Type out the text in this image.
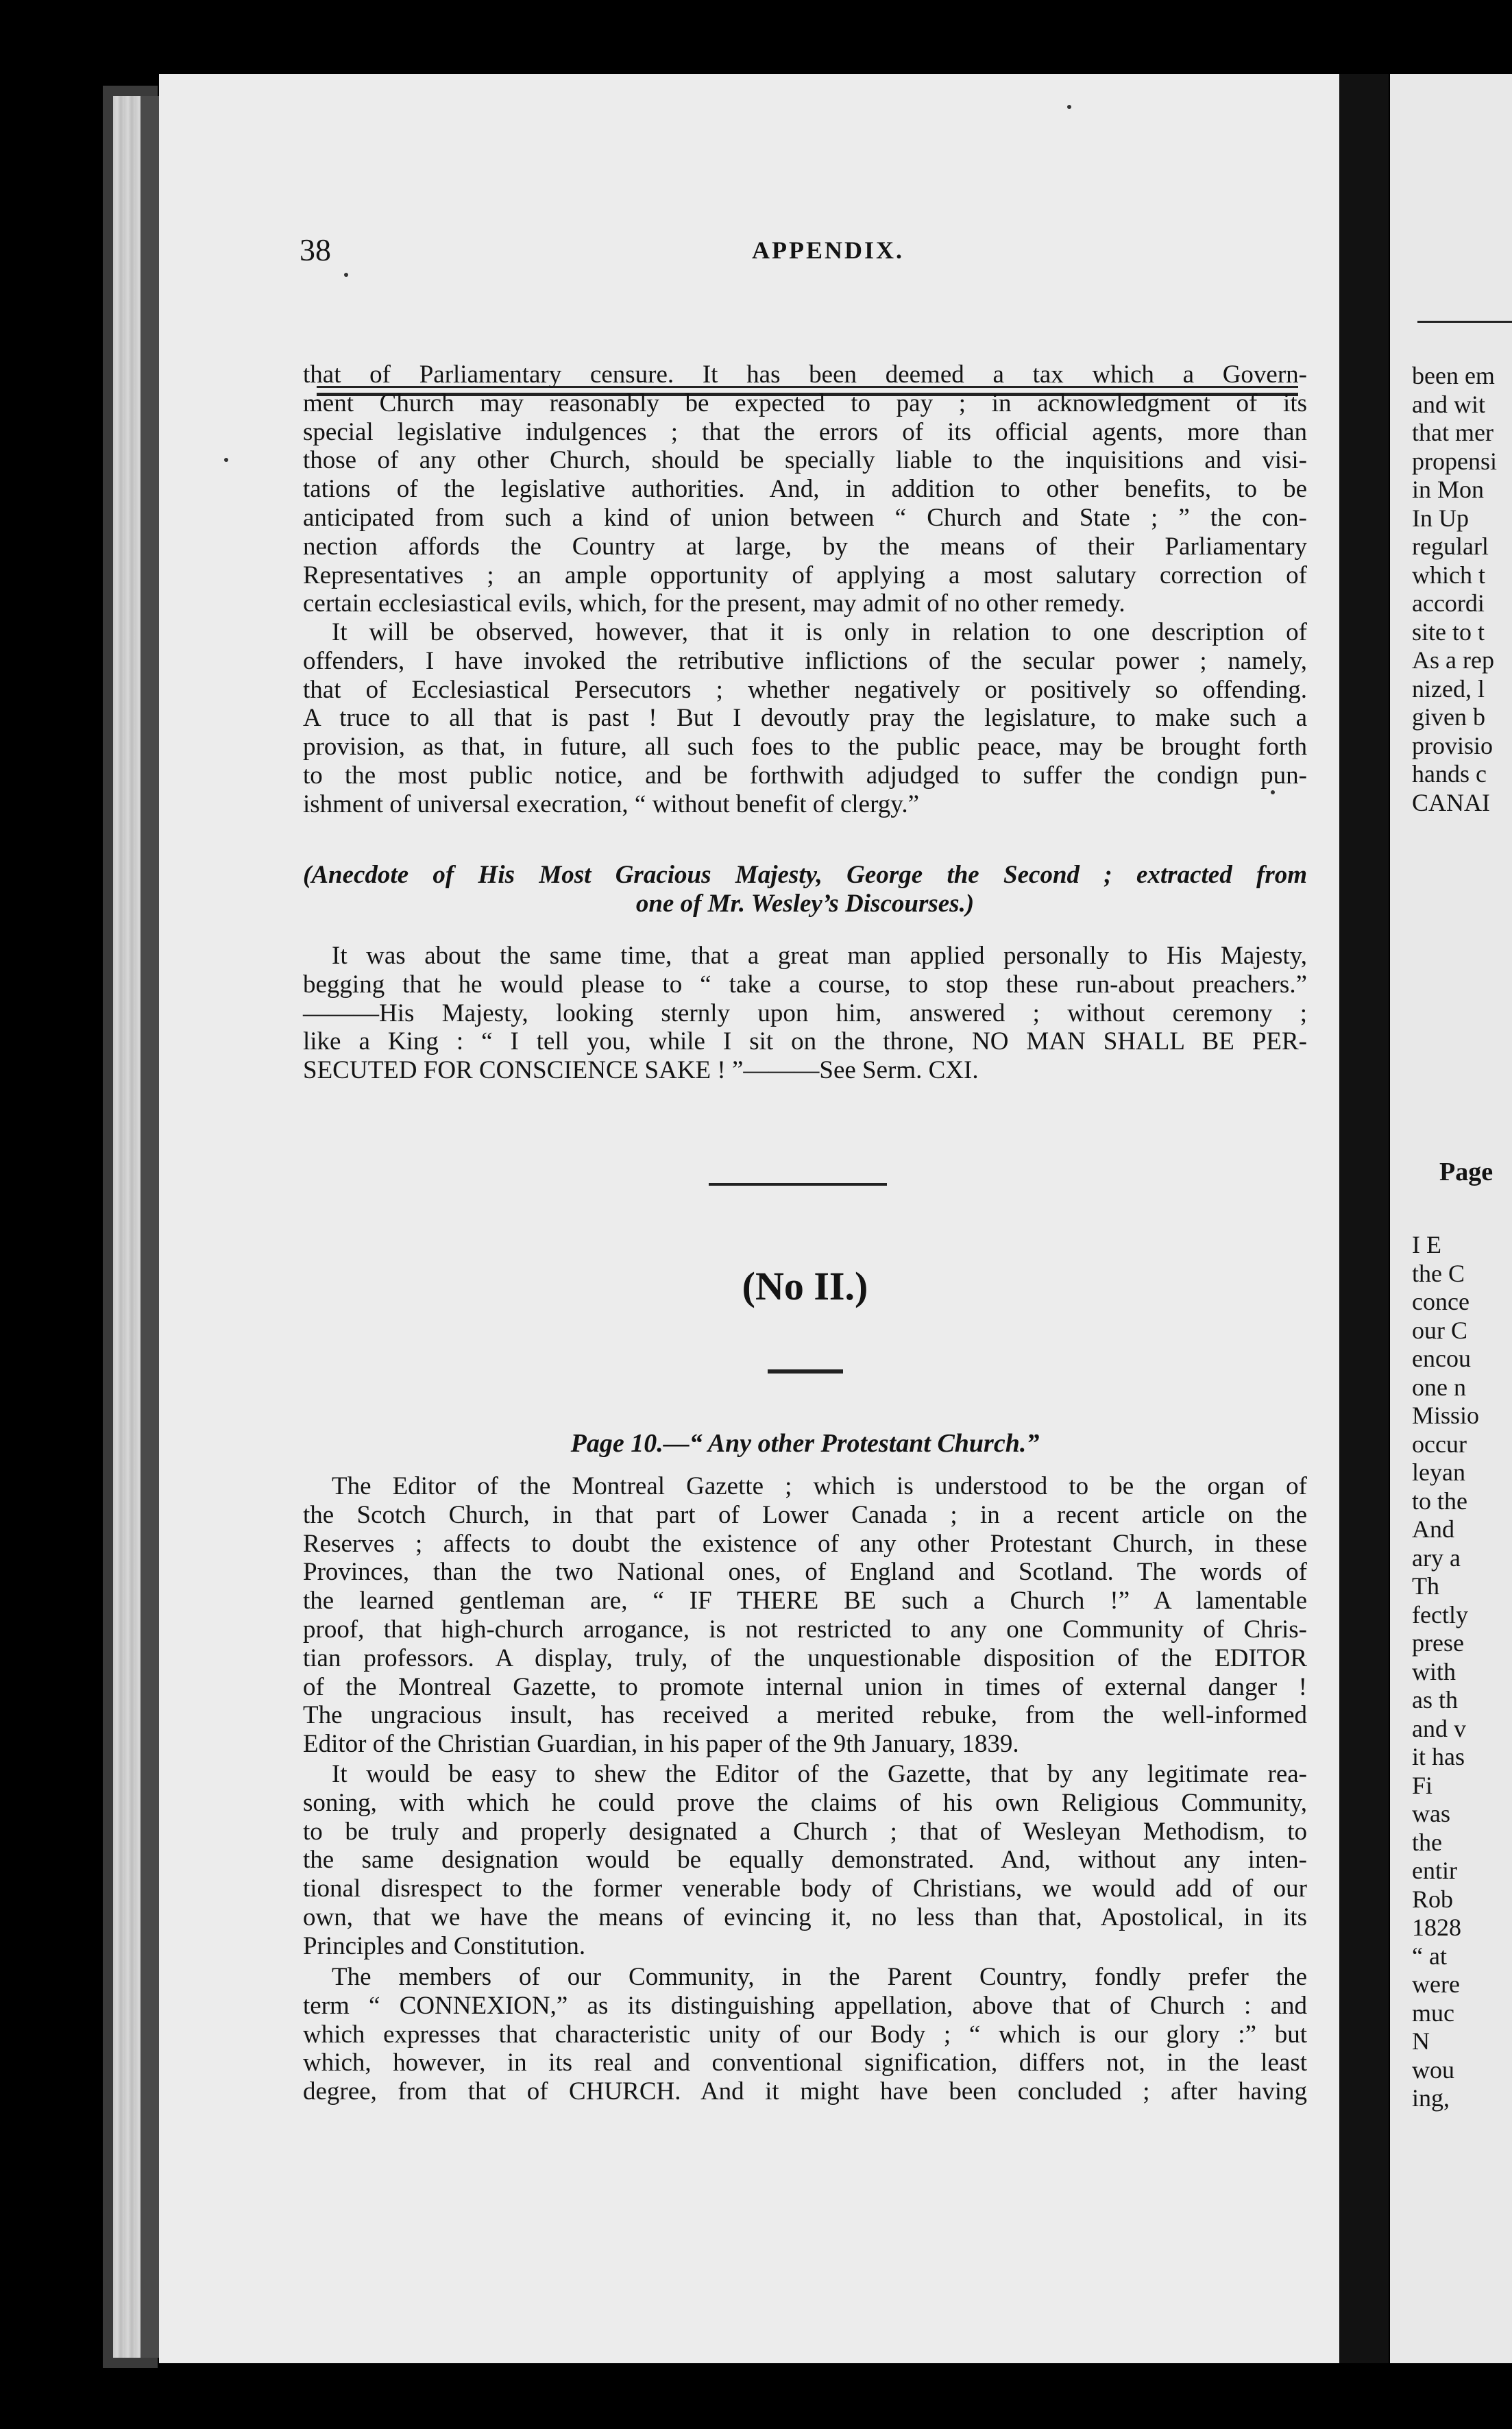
38	APPENDIX.
that of Parliamentary censure. It has been deemed a tax which a Govern-
ment Church may reasonably be expected to pay ; in acknowledgment of its
special legislative indulgences ; that the errors of its official agents, more than
those of any other Church, should be specially liable to the inquisitions and visi-
tations of the legislative authorities. And, in addition to other benefits, to be
anticipated from such a kind of union between “ Church and State ; ” the con-
nection affords the Country at large, by the means of their Parliamentary
Representatives ; an ample opportunity of applying a most salutary correction of
certain ecclesiastical evils, which, for the present, may admit of no other remedy.
It will be observed, however, that it is only in relation to one description of
offenders, I have invoked the retributive inflictions of the secular power ; namely,
that of Ecclesiastical Persecutors ; whether negatively or positively so offending.
A truce to all that is past ! But I devoutly pray the legislature, to make such a
provision, as that, in future, all such foes to the public peace, may be brought forth
to the most public notice, and be forthwith adjudged to suffer the condign pun-
ishment of universal execration, “ without benefit of clergy.”
(Anecdote of His Most Gracious Majesty, George the Second ; extracted from
one of Mr. Wesley’s Discourses.)
It was about the same time, that a great man applied personally to His Majesty,
begging that he would please to “ take a course, to stop these run-about preachers.”
———His Majesty, looking sternly upon him, answered ; without ceremony ;
like a King : “ I tell you, while I sit on the throne, NO MAN SHALL BE PER-
SECUTED FOR CONSCIENCE SAKE ! ”———See Serm. CXI.
(No II.)
Page 10.—“ Any other Protestant Church.”
The Editor of the Montreal Gazette ; which is understood to be the organ of
the Scotch Church, in that part of Lower Canada ; in a recent article on the
Reserves ; affects to doubt the existence of any other Protestant Church, in these
Provinces, than the two National ones, of England and Scotland. The words of
the learned gentleman are, “ IF THERE BE such a Church !” A lamentable
proof, that high-church arrogance, is not restricted to any one Community of Chris-
tian professors. A display, truly, of the unquestionable disposition of the EDITOR
of the Montreal Gazette, to promote internal union in times of external danger !
The ungracious insult, has received a merited rebuke, from the well-informed
Editor of the Christian Guardian, in his paper of the 9th January, 1839.
It would be easy to shew the Editor of the Gazette, that by any legitimate rea-
soning, with which he could prove the claims of his own Religious Community,
to be truly and properly designated a Church ; that of Wesleyan Methodism, to
the same designation would be equally demonstrated. And, without any inten-
tional disrespect to the former venerable body of Christians, we would add of our
own, that we have the means of evincing it, no less than that, Apostolical, in its
Principles and Constitution.
The members of our Community, in the Parent Country, fondly prefer the
term “ CONNEXION,” as its distinguishing appellation, above that of Church : and
which expresses that characteristic unity of our Body ; “ which is our glory :” but
which, however, in its real and conventional signification, differs not, in the least
degree, from that of CHURCH. And it might have been concluded ; after having
been em
and wit
that mer
propensi
in Mon
In Up
regularl
which t
accordi
site to t
As a rep
nized, l
given b
provisio
hands c
CANAI
Page
I E
the C
conce
our C
encou
one n
Missio
occur
leyan
to the
And
ary a
Th
fectly
prese
with
as th
and v
it has
Fi
was
the
entir
Rob
1828
“ at
were
muc
N
wou
ing,
